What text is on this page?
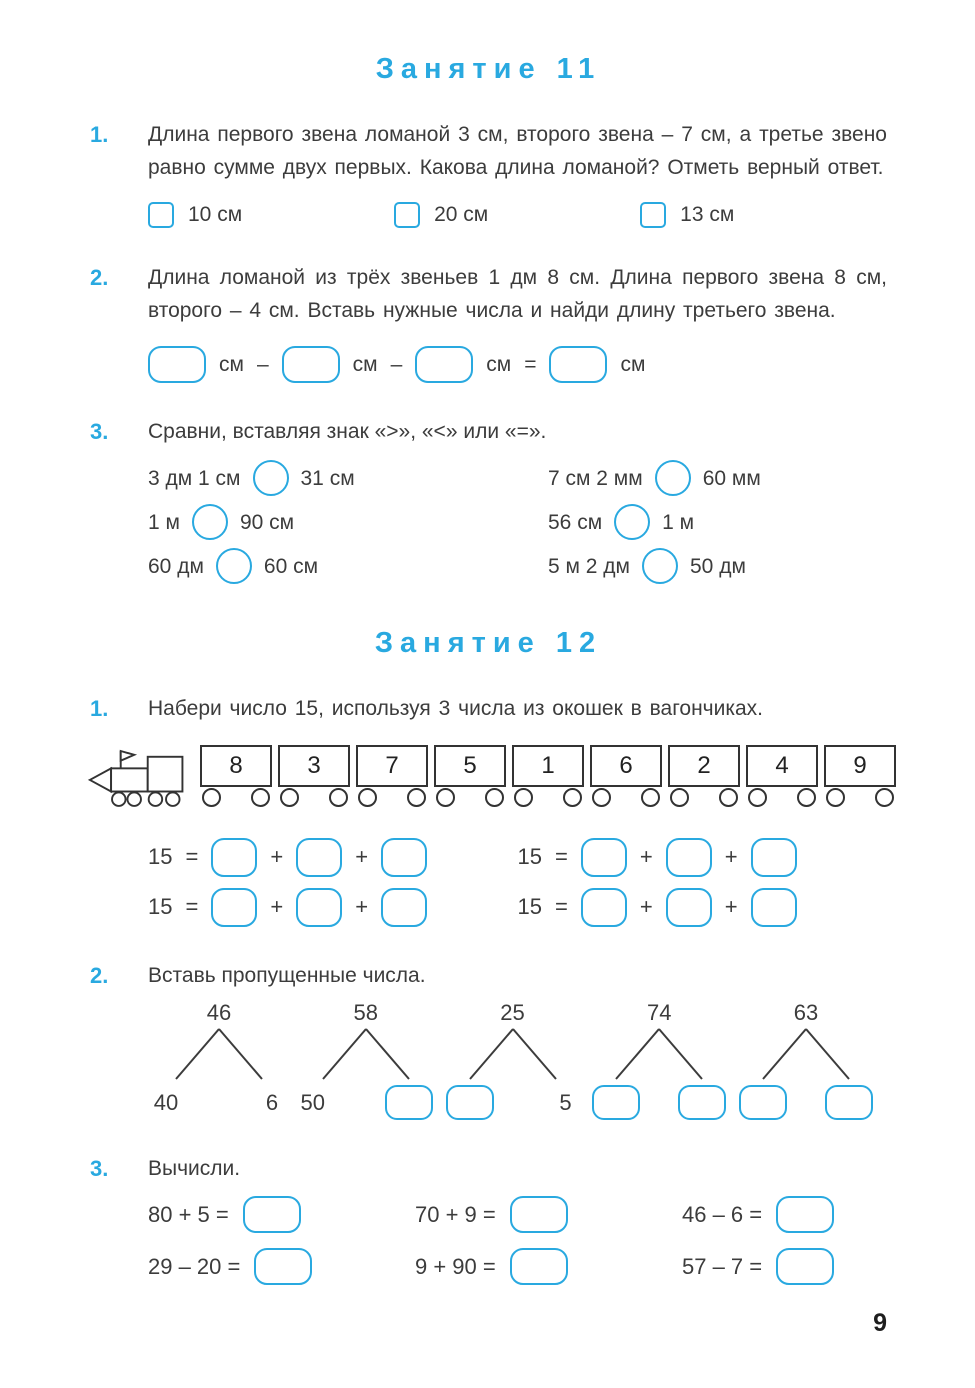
Занятие 11
1.	Длина первого звена ломаной 3 см, второго звена – 7 см, а третье звено равно сумме двух первых. Какова длина ломаной? Отметь верный ответ.

10 см	20 см	13 см
2.	Длина ломаной из трёх звеньев 1 дм 8 см. Длина первого звена 8 см, второго – 4 см. Вставь нужные числа и найди длину третьего звена.

см –	см –	см =	см
3.	Сравни, вставляя знак «>», «<» или «=».

3 дм 1 см	31 см
1 м	90 см
60 дм	60 см
7 см 2 мм	60 мм
56 см	1 м
5 м 2 дм	50 дм
Занятие 12
1.	Набери число 15, используя 3 числа из окошек в вагончиках.

8	3	7	5	1	6	2	4	9
15 =	+	+	15 =	+	+
15 =	+	+	15 =	+	+
2.	Вставь пропущенные числа.

46
40	6
58
50
25
5
74	63
3.	Вычисли.

80 + 5 =	70 + 9 =	46 – 6 =
29 – 20 =	9 + 90 =	57 – 7 =
9
